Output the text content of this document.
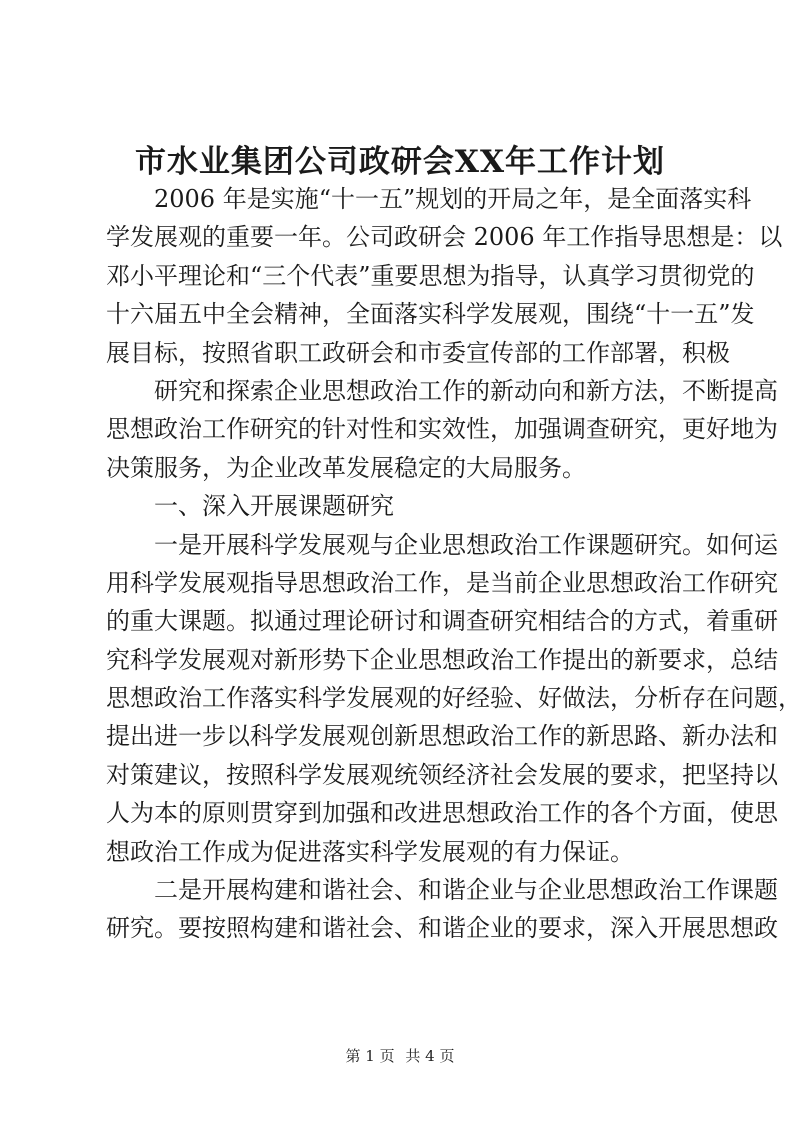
市水业集团公司政研会XX年工作计划
2006 年是实施“十一五”规划的开局之年，是全面落实科
学发展观的重要一年。公司政研会 2006 年工作指导思想是：以
邓小平理论和“三个代表”重要思想为指导，认真学习贯彻党的
十六届五中全会精神，全面落实科学发展观，围绕“十一五”发
展目标，按照省职工政研会和市委宣传部的工作部署，积极
研究和探索企业思想政治工作的新动向和新方法，不断提高
思想政治工作研究的针对性和实效性，加强调查研究，更好地为
决策服务，为企业改革发展稳定的大局服务。
一、深入开展课题研究
一是开展科学发展观与企业思想政治工作课题研究。如何运
用科学发展观指导思想政治工作，是当前企业思想政治工作研究
的重大课题。拟通过理论研讨和调查研究相结合的方式，着重研
究科学发展观对新形势下企业思想政治工作提出的新要求，总结
思想政治工作落实科学发展观的好经验、好做法，分析存在问题，
提出进一步以科学发展观创新思想政治工作的新思路、新办法和
对策建议，按照科学发展观统领经济社会发展的要求，把坚持以
人为本的原则贯穿到加强和改进思想政治工作的各个方面，使思
想政治工作成为促进落实科学发展观的有力保证。
二是开展构建和谐社会、和谐企业与企业思想政治工作课题
研究。要按照构建和谐社会、和谐企业的要求，深入开展思想政
第 1 页 共 4 页
